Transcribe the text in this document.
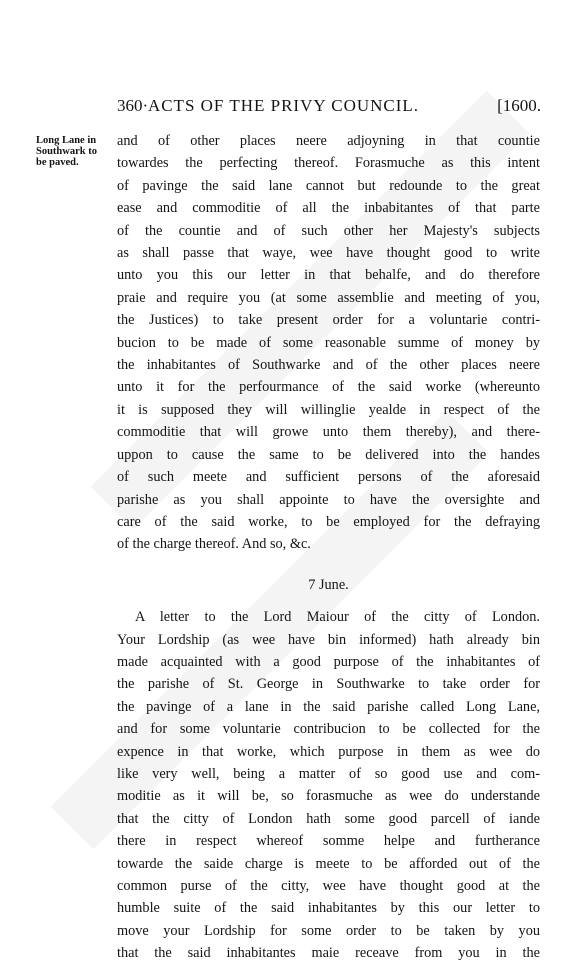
360· ACTS OF THE PRIVY COUNCIL.	[1600.
Long Lane in
Southwark to
be paved.

and of other places neere adjoyning in that countie
towardes the perfecting thereof. Forasmuche as this intent
of pavinge the said lane cannot but redounde to the great
ease and commoditie of all the inbabitantes of that parte
of the countie and of such other her Majesty's subjects
as shall passe that waye, wee have thought good to write
unto you this our letter in that behalfe, and do therefore
praie and require you (at some assemblie and meeting of you,
the Justices) to take present order for a voluntarie contri-
bucion to be made of some reasonable summe of money by
the inhabitantes of Southwarke and of the other places neere
unto it for the perfourmance of the said worke (whereunto
it is supposed they will willinglie yealde in respect of the
commoditie that will growe unto them thereby), and there-
uppon to cause the same to be delivered into the handes
of such meete and sufficient persons of the aforesaid
parishe as you shall appointe to have the oversighte and
care of the said worke, to be employed for the defraying
of the charge thereof. And so, &c.

7 June.

A letter to the Lord Maiour of the citty of London.
Your Lordship (as wee have bin informed) hath already bin
made acquainted with a good purpose of the inhabitantes of
the parishe of St. George in Southwarke to take order for
the pavinge of a lane in the said parishe called Long Lane,
and for some voluntarie contribucion to be collected for the
expence in that worke, which purpose in them as wee do
like very well, being a matter of so good use and com-
moditie as it will be, so forasmuche as wee do understande
that the citty of London hath some good parcell of iande
there in respect whereof somme helpe and furtherance
towarde the saide charge is meete to be afforded out of the
common purse of the citty, wee have thought good at the
humble suite of the said inhabitantes by this our letter to
move your Lordship for some order to be taken by you
that the said inhabitantes maie receave from you in the
